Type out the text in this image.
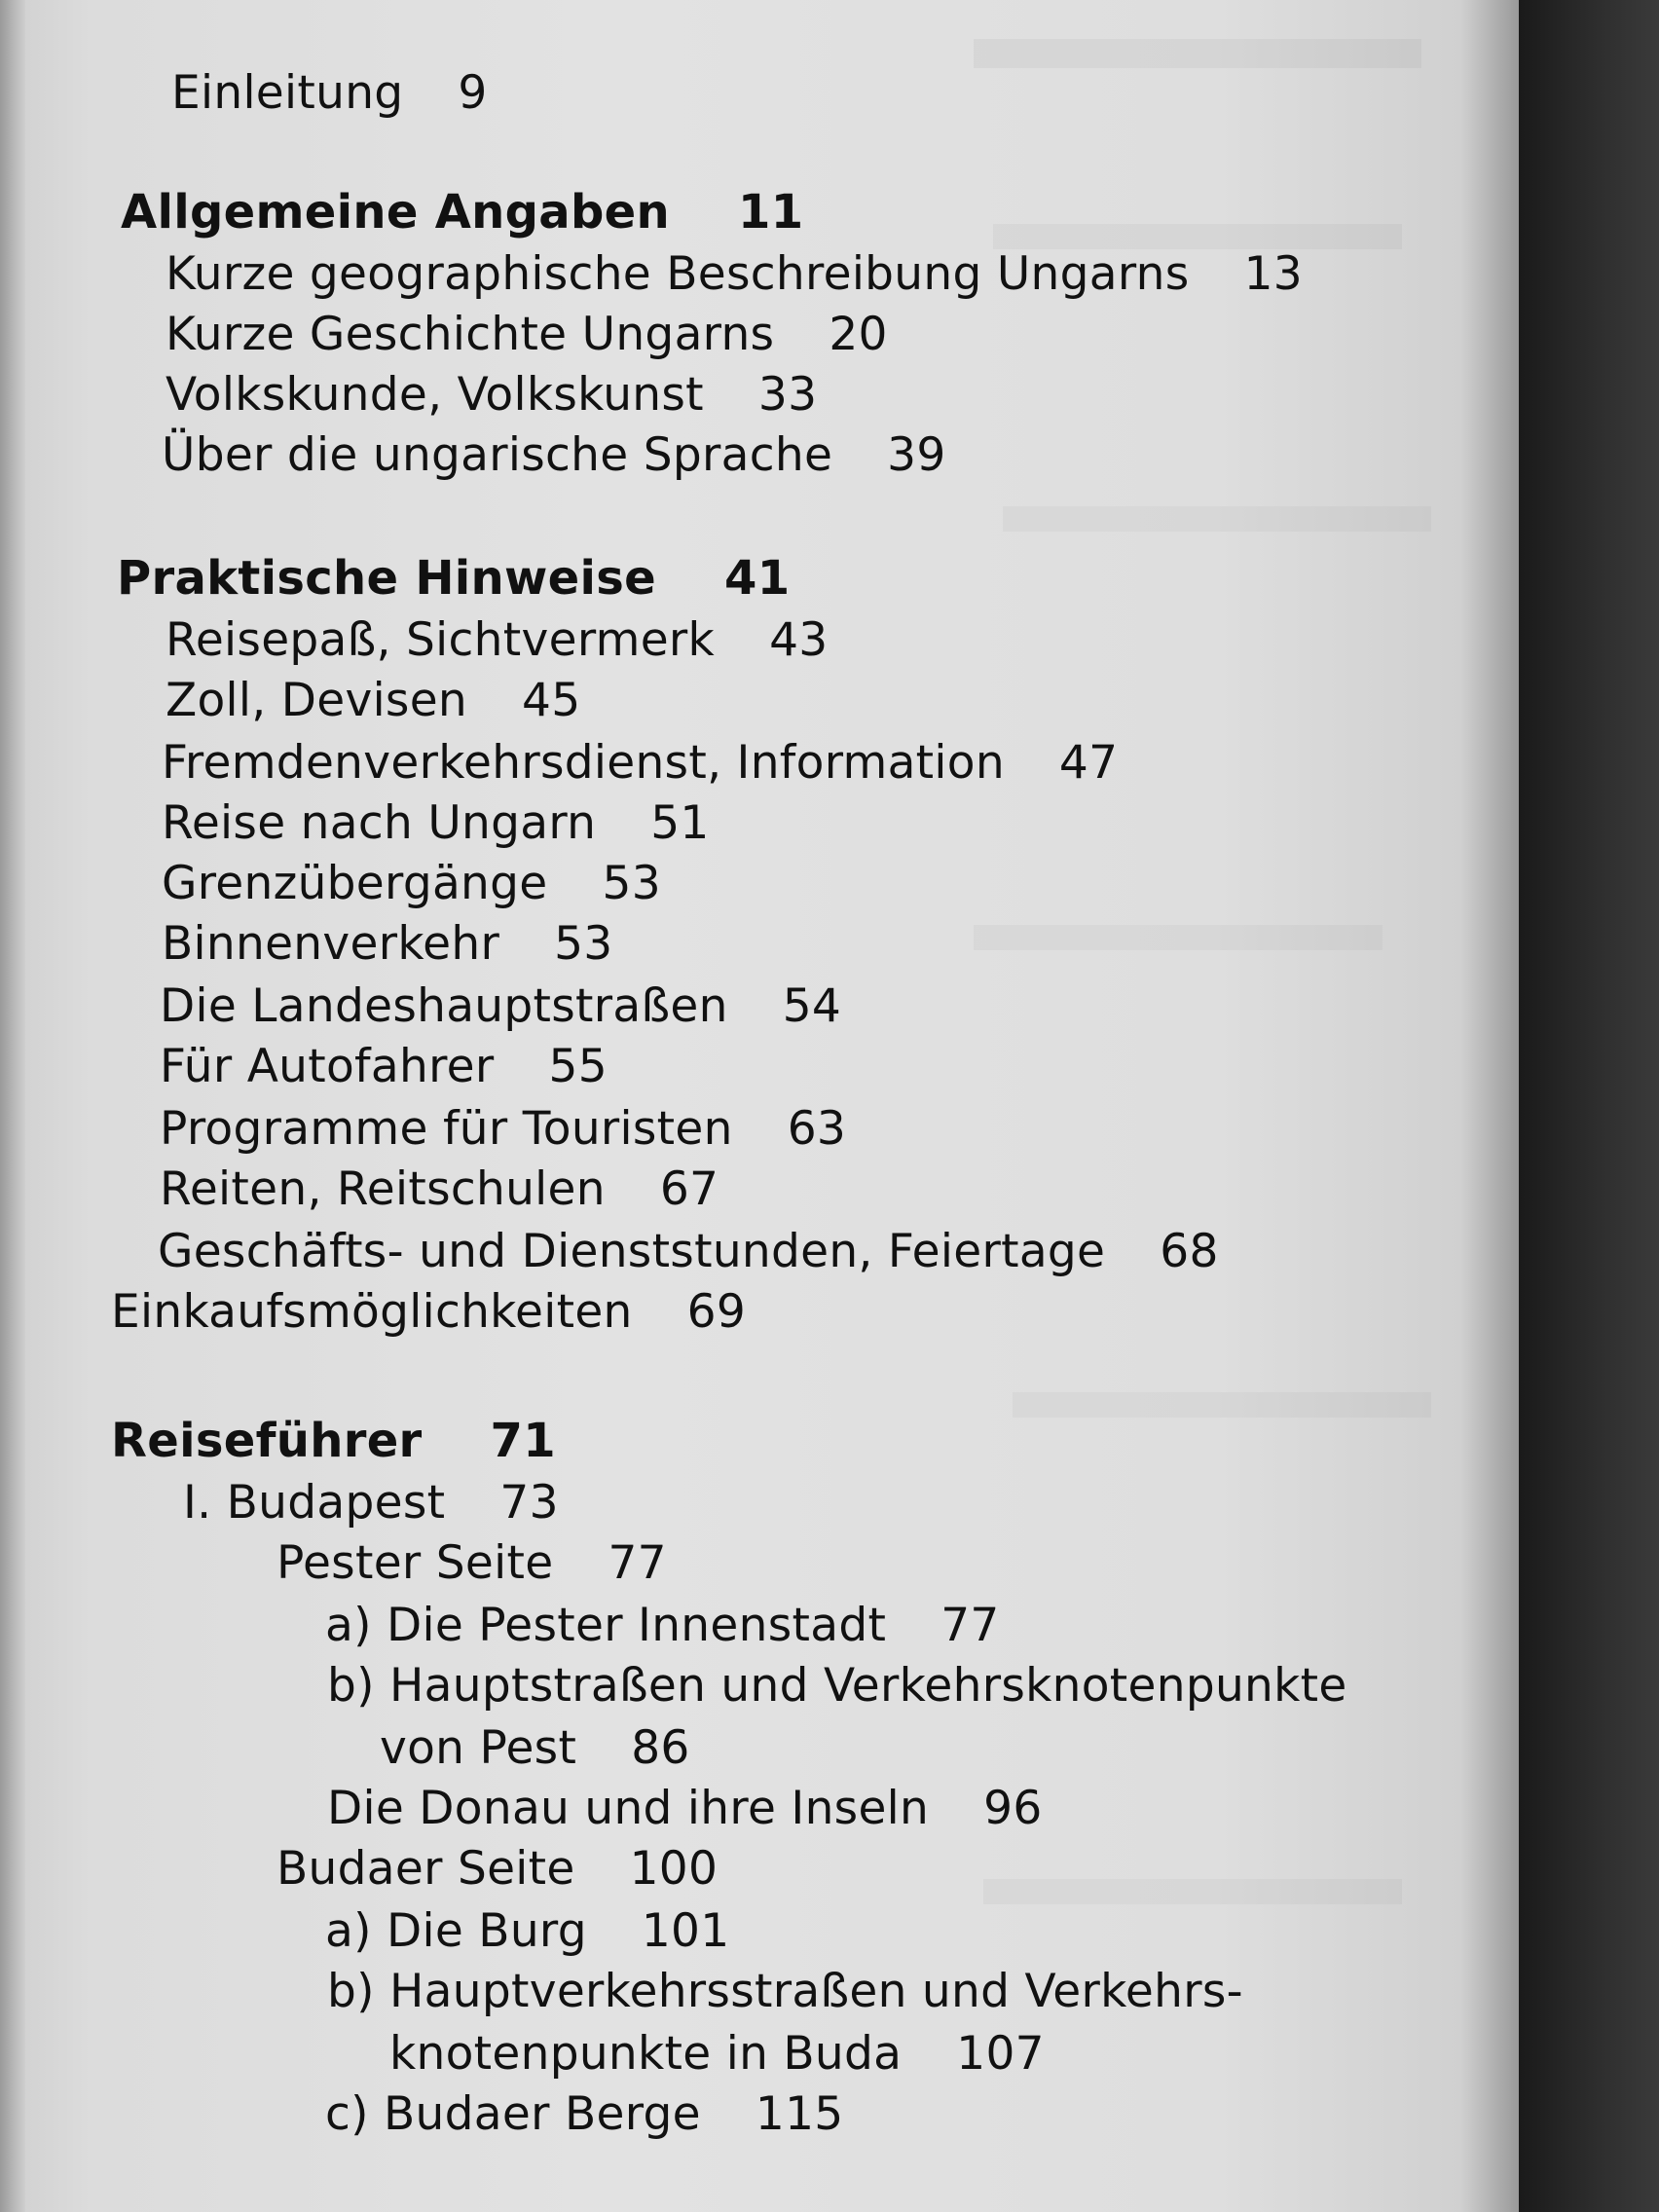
Einleitung 9
Allgemeine Angaben 11
Kurze geographische Beschreibung Ungarns 13
Kurze Geschichte Ungarns 20
Volkskunde, Volkskunst 33
Über die ungarische Sprache 39
Praktische Hinweise 41
Reisepaß, Sichtvermerk 43
Zoll, Devisen 45
Fremdenverkehrsdienst, Information 47
Reise nach Ungarn 51
Grenzübergänge 53
Binnenverkehr 53
Die Landeshauptstraßen 54
Für Autofahrer 55
Programme für Touristen 63
Reiten, Reitschulen 67
Geschäfts- und Dienststunden, Feiertage 68
Einkaufsmöglichkeiten 69
Reiseführer 71
I. Budapest 73
Pester Seite 77
a) Die Pester Innenstadt 77
b) Hauptstraßen und Verkehrsknotenpunkte
von Pest 86
Die Donau und ihre Inseln 96
Budaer Seite 100
a) Die Burg 101
b) Hauptverkehrsstraßen und Verkehrs-
knotenpunkte in Buda 107
c) Budaer Berge 115
